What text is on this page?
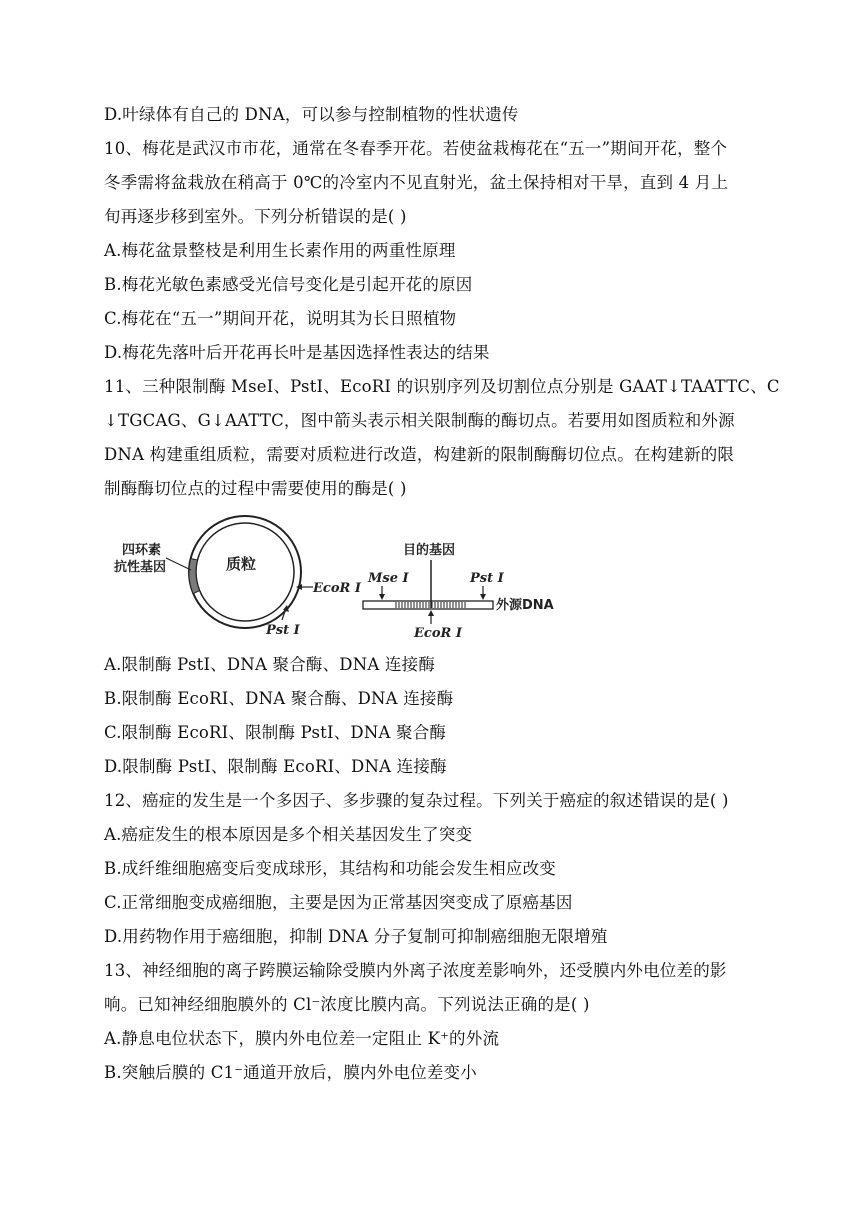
D.叶绿体有自己的 DNA，可以参与控制植物的性状遗传
10、梅花是武汉市市花，通常在冬春季开花。若使盆栽梅花在“五一”期间开花，整个
冬季需将盆栽放在稍高于 0℃的冷室内不见直射光，盆土保持相对干旱，直到 4 月上
旬再逐步移到室外。下列分析错误的是( )
A.梅花盆景整枝是利用生长素作用的两重性原理
B.梅花光敏色素感受光信号变化是引起开花的原因
C.梅花在“五一”期间开花，说明其为长日照植物
D.梅花先落叶后开花再长叶是基因选择性表达的结果
11、三种限制酶 MseI、PstI、EcoRI 的识别序列及切割位点分别是 GAAT↓TAATTC、C
↓TGCAG、G↓AATTC，图中箭头表示相关限制酶的酶切点。若要用如图质粒和外源
DNA 构建重组质粒，需要对质粒进行改造，构建新的限制酶酶切位点。在构建新的限
制酶酶切位点的过程中需要使用的酶是( )
四环素
抗性基因	质粒
EcoR I
Pst I
目的基因
Mse I	Pst I
外源DNA
EcoR I
A.限制酶 PstI、DNA 聚合酶、DNA 连接酶
B.限制酶 EcoRI、DNA 聚合酶、DNA 连接酶
C.限制酶 EcoRI、限制酶 PstI、DNA 聚合酶
D.限制酶 PstI、限制酶 EcoRI、DNA 连接酶
12、癌症的发生是一个多因子、多步骤的复杂过程。下列关于癌症的叙述错误的是( )
A.癌症发生的根本原因是多个相关基因发生了突变
B.成纤维细胞癌变后变成球形，其结构和功能会发生相应改变
C.正常细胞变成癌细胞，主要是因为正常基因突变成了原癌基因
D.用药物作用于癌细胞，抑制 DNA 分子复制可抑制癌细胞无限增殖
13、神经细胞的离子跨膜运输除受膜内外离子浓度差影响外，还受膜内外电位差的影
响。已知神经细胞膜外的 Cl⁻浓度比膜内高。下列说法正确的是( )
A.静息电位状态下，膜内外电位差一定阻止 K⁺的外流
B.突触后膜的 C1⁻通道开放后，膜内外电位差变小
